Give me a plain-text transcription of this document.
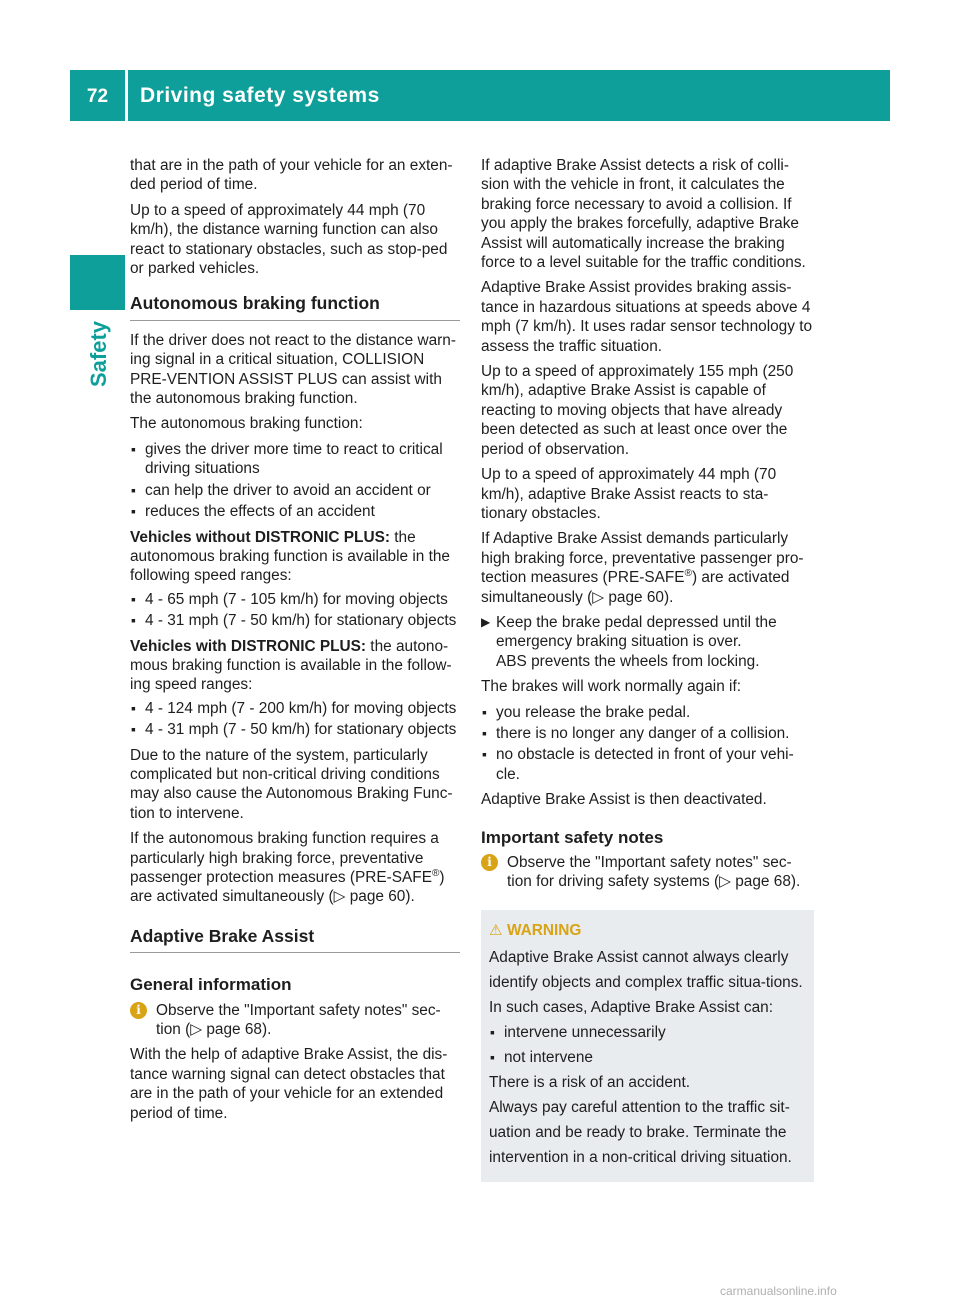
72	Driving safety systems
Safety

that are in the path of your vehicle for an exten-ded period of time.

Up to a speed of approximately 44 mph (70 km/h), the distance warning function can also react to stationary obstacles, such as stop-ped or parked vehicles.

Autonomous braking function

If the driver does not react to the distance warn-ing signal in a critical situation, COLLISION PRE-VENTION ASSIST PLUS can assist with the autonomous braking function.

The autonomous braking function:

▪ gives the driver more time to react to critical driving situations
▪ can help the driver to avoid an accident or
▪ reduces the effects of an accident

Vehicles without DISTRONIC PLUS: the autonomous braking function is available in the following speed ranges:

▪ 4 - 65 mph (7 - 105 km/h) for moving objects
▪ 4 - 31 mph (7 - 50 km/h) for stationary objects

Vehicles with DISTRONIC PLUS: the autono-mous braking function is available in the follow-ing speed ranges:

▪ 4 - 124 mph (7 - 200 km/h) for moving objects
▪ 4 - 31 mph (7 - 50 km/h) for stationary objects

Due to the nature of the system, particularly complicated but non-critical driving conditions may also cause the Autonomous Braking Func-tion to intervene.

If the autonomous braking function requires a particularly high braking force, preventative passenger protection measures (PRE-SAFE®) are activated simultaneously (▷ page 60).

Adaptive Brake Assist
General information
i Observe the "Important safety notes" sec-tion (▷ page 68).

With the help of adaptive Brake Assist, the dis-tance warning signal can detect obstacles that are in the path of your vehicle for an extended period of time.

If adaptive Brake Assist detects a risk of colli-sion with the vehicle in front, it calculates the braking force necessary to avoid a collision. If you apply the brakes forcefully, adaptive Brake Assist will automatically increase the braking force to a level suitable for the traffic conditions.

Adaptive Brake Assist provides braking assis-tance in hazardous situations at speeds above 4 mph (7 km/h). It uses radar sensor technology to assess the traffic situation.

Up to a speed of approximately 155 mph (250 km/h), adaptive Brake Assist is capable of reacting to moving objects that have already been detected as such at least once over the period of observation.

Up to a speed of approximately 44 mph (70 km/h), adaptive Brake Assist reacts to sta-tionary obstacles.

If Adaptive Brake Assist demands particularly high braking force, preventative passenger pro-tection measures (PRE-SAFE®) are activated simultaneously (▷ page 60).

▶ Keep the brake pedal depressed until the emergency braking situation is over.
ABS prevents the wheels from locking.

The brakes will work normally again if:

▪ you release the brake pedal.
▪ there is no longer any danger of a collision.
▪ no obstacle is detected in front of your vehi-cle.

Adaptive Brake Assist is then deactivated.

Important safety notes
i Observe the "Important safety notes" sec-tion for driving safety systems (▷ page 68).
⚠ WARNING

Adaptive Brake Assist cannot always clearly identify objects and complex traffic situa-tions.

In such cases, Adaptive Brake Assist can:

▪ intervene unnecessarily
▪ not intervene

There is a risk of an accident.

Always pay careful attention to the traffic sit-uation and be ready to brake. Terminate the intervention in a non-critical driving situation.

carmanualsonline.info
